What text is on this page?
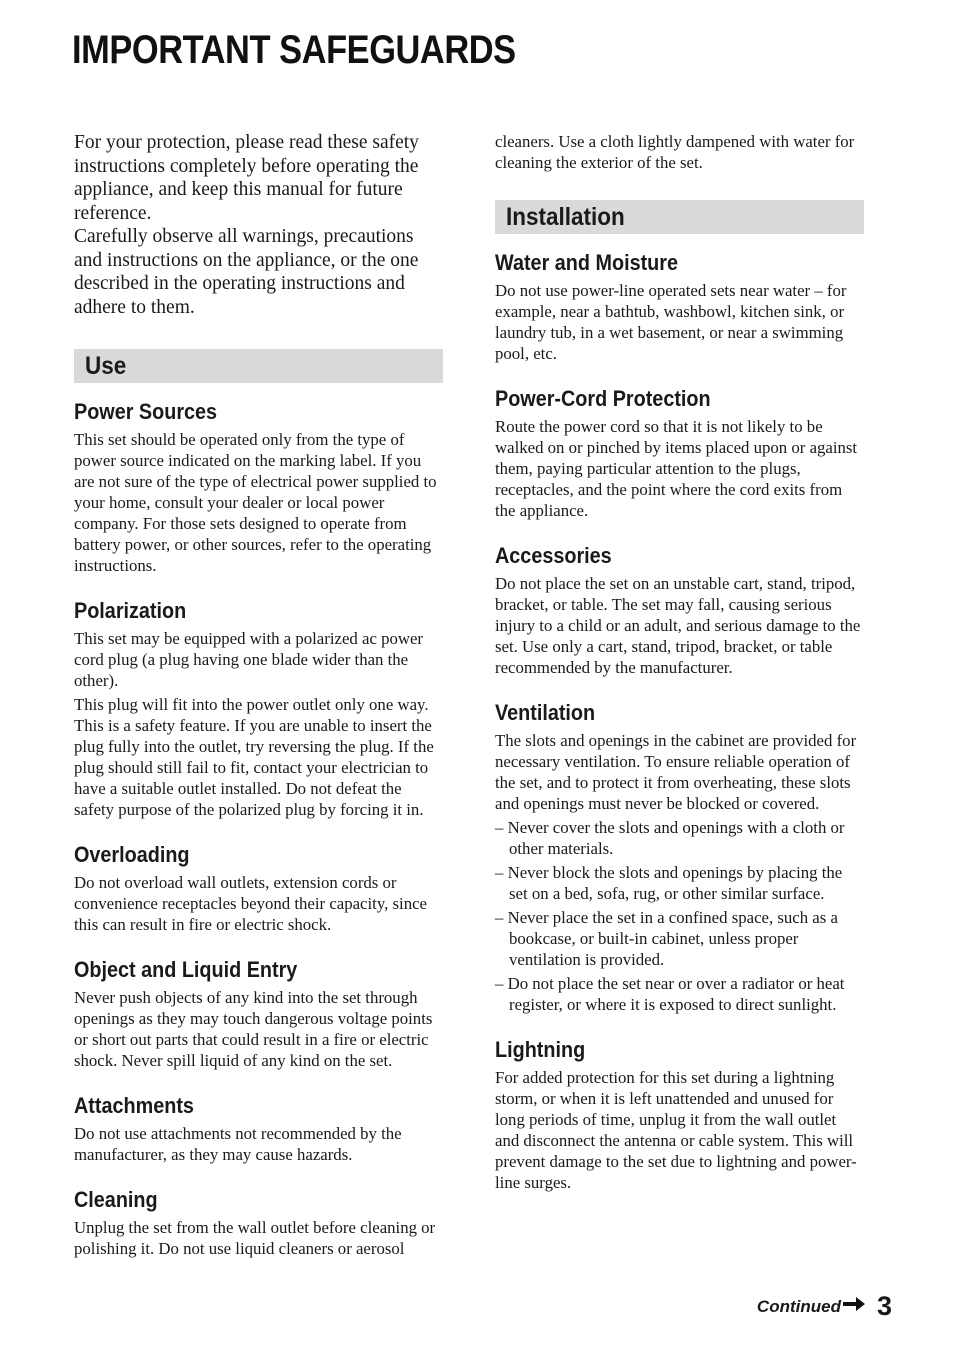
IMPORTANT SAFEGUARDS

For your protection, please read these safety instructions completely before operating the appliance, and keep this manual for future reference.

Carefully observe all warnings, precautions and instructions on the appliance, or the one described in the operating instructions and adhere to them.

Use
Power Sources

This set should be operated only from the type of power source indicated on the marking label. If you are not sure of the type of electrical power supplied to your home, consult your dealer or local power company. For those sets designed to operate from battery power, or other sources, refer to the operating instructions.

Polarization

This set may be equipped with a polarized ac power cord plug (a plug having one blade wider than the other).

This plug will fit into the power outlet only one way. This is a safety feature. If you are unable to insert the plug fully into the outlet, try reversing the plug. If the plug should still fail to fit, contact your electrician to have a suitable outlet installed. Do not defeat the safety purpose of the polarized plug by forcing it in.

Overloading

Do not overload wall outlets, extension cords or convenience receptacles beyond their capacity, since this can result in fire or electric shock.

Object and Liquid Entry

Never push objects of any kind into the set through openings as they may touch dangerous voltage points or short out parts that could result in a fire or electric shock. Never spill liquid of any kind on the set.

Attachments

Do not use attachments not recommended by the manufacturer, as they may cause hazards.

Cleaning

Unplug the set from the wall outlet before cleaning or polishing it. Do not use liquid cleaners or aerosol

cleaners. Use a cloth lightly dampened with water for cleaning the exterior of the set.

Installation
Water and Moisture

Do not use power-line operated sets near water – for example, near a bathtub, washbowl, kitchen sink, or laundry tub, in a wet basement, or near a swimming pool, etc.

Power-Cord Protection

Route the power cord so that it is not likely to be walked on or pinched by items placed upon or against them, paying particular attention to the plugs, receptacles, and the point where the cord exits from the appliance.

Accessories

Do not place the set on an unstable cart, stand, tripod, bracket, or table. The set may fall, causing serious injury to a child or an adult, and serious damage to the set. Use only a cart, stand, tripod, bracket, or table recommended by the manufacturer.

Ventilation

The slots and openings in the cabinet are provided for necessary ventilation. To ensure reliable operation of the set, and to protect it from overheating, these slots and openings must never be blocked or covered.

– Never cover the slots and openings with a cloth or other materials.
– Never block the slots and openings by placing the set on a bed, sofa, rug, or other similar surface.
– Never place the set in a confined space, such as a bookcase, or built-in cabinet, unless proper ventilation is provided.
– Do not place the set near or over a radiator or heat register, or where it is exposed to direct sunlight.
Lightning

For added protection for this set during a lightning storm, or when it is left unattended and unused for long periods of time, unplug it from the wall outlet and disconnect the antenna or cable system. This will prevent damage to the set due to lightning and power-line surges.

Continued 3
